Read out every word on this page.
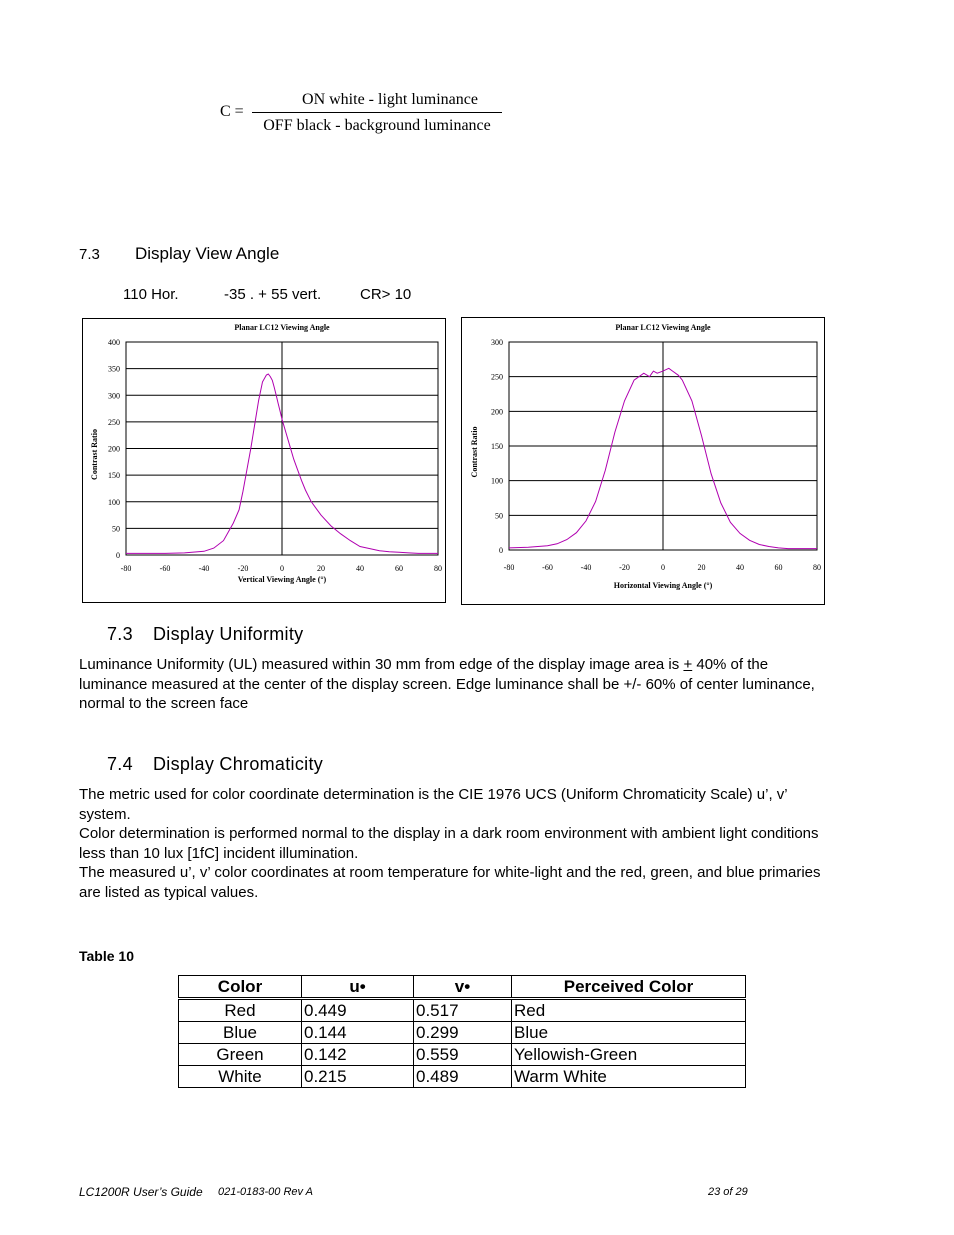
C =
ON white - light luminance
OFF black - background luminance
7.3 Display View Angle
110 Hor.	-35 . + 55 vert.	CR> 10
0
50
100
150
200
250
300
350
400
-80	-60	-40	-20	0	20	40	60	80
Planar LC12 Viewing Angle
Vertical Viewing Angle (°)
Contrast Ratio
0
50
100
150
200
250
300
-80	-60	-40	-20	0	20	40	60	80
Planar LC12 Viewing Angle
Horizontal Viewing Angle (°)
Contrast Ratio
7.3 Display Uniformity
Luminance Uniformity (UL) measured within 30 mm from edge of the display image area is + 40% of the luminance measured at the center of the display screen. Edge luminance shall be +/- 60% of center luminance, normal to the screen face
7.4 Display Chromaticity
The metric used for color coordinate determination is the CIE 1976 UCS (Uniform Chromaticity Scale) u’, v’ system.
Color determination is performed normal to the display in a dark room environment with ambient light conditions less than 10 lux [1fC] incident illumination.
The measured u’, v’ color coordinates at room temperature for white-light and the red, green, and blue primaries are listed as typical values.
Table 10
Color	u•	v•	Perceived Color
Red	0.449	0.517	Red
Blue	0.144	0.299	Blue
Green	0.142	0.559	Yellowish-Green
White	0.215	0.489	Warm White
LC1200R User’s Guide 021-0183-00 Rev A	23 of 29
